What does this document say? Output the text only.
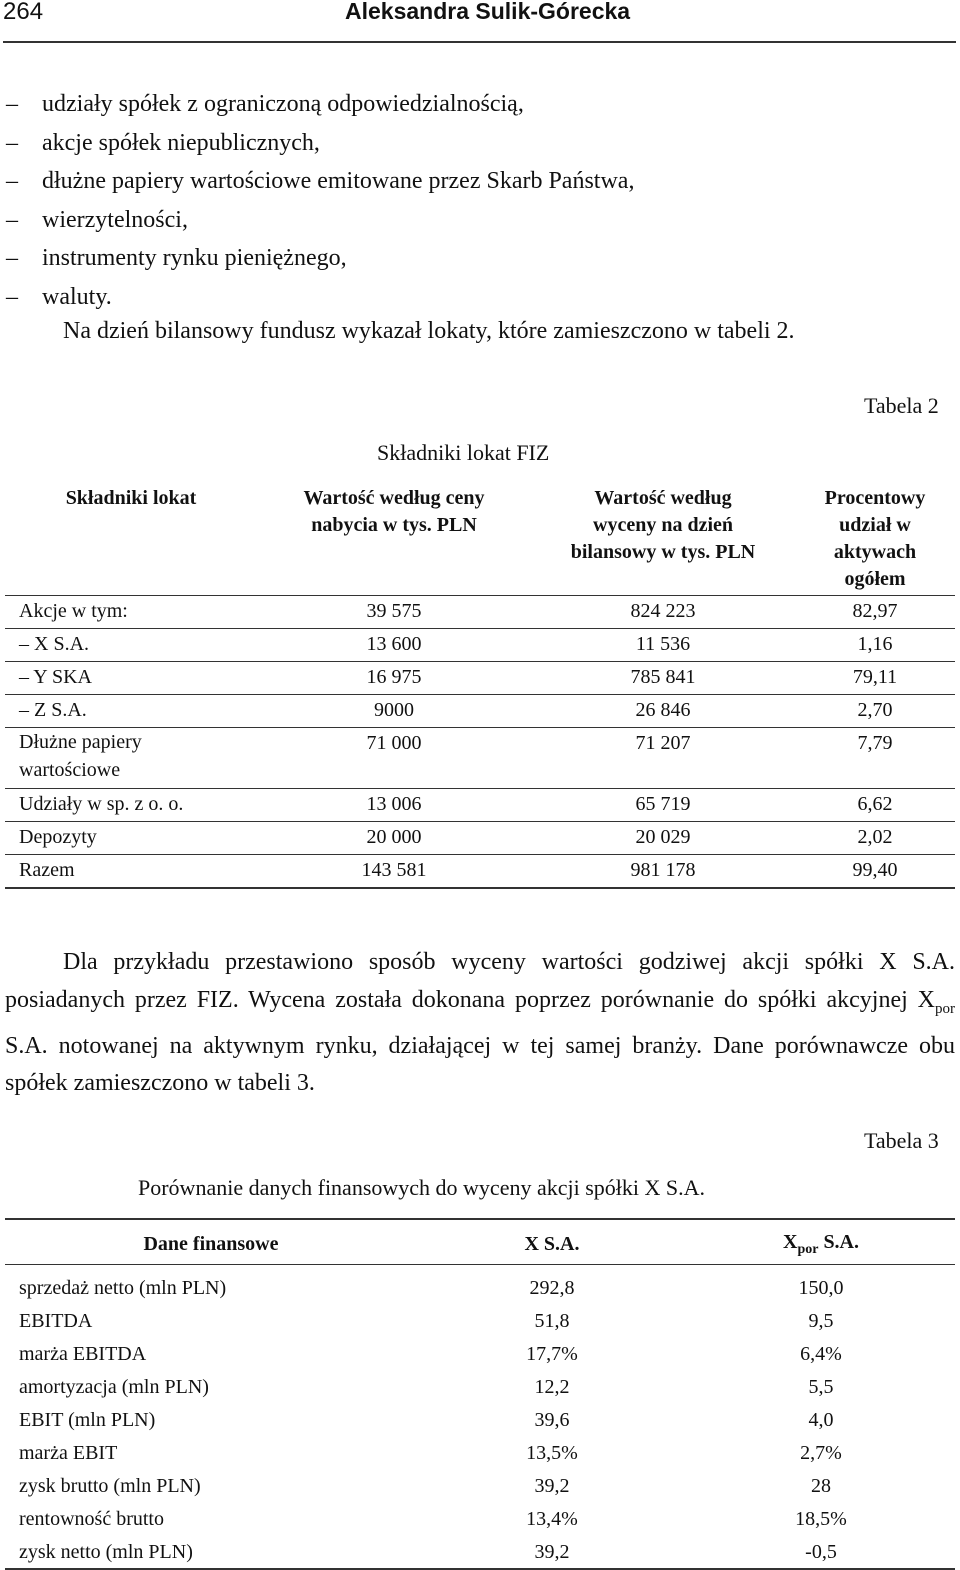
264	Aleksandra Sulik-Górecka
– udziały spółek z ograniczoną odpowiedzialnością,
– akcje spółek niepublicznych,
– dłużne papiery wartościowe emitowane przez Skarb Państwa,
– wierzytelności,
– instrumenty rynku pieniężnego,
– waluty.
Na dzień bilansowy fundusz wykazał lokaty, które zamieszczono w tabeli 2.
Tabela 2
Składniki lokat FIZ
Składniki lokat	Wartość według ceny nabycia w tys. PLN	Wartość według wyceny na dzień bilansowy w tys. PLN	Procentowy udział w aktywach ogółem
Akcje w tym:	39 575	824 223	82,97
– X S.A.	13 600	11 536	1,16
– Y SKA	16 975	785 841	79,11
– Z S.A.	9000	26 846	2,70
Dłużne papiery wartościowe	71 000	71 207	7,79
Udziały w sp. z o. o.	13 006	65 719	6,62
Depozyty	20 000	20 029	2,02
Razem	143 581	981 178	99,40
Dla przykładu przestawiono sposób wyceny wartości godziwej akcji spółki X S.A. posiadanych przez FIZ. Wycena została dokonana poprzez porównanie do spółki akcyjnej $X_{por}$ S.A. notowanej na aktywnym rynku, działającej w tej samej branży. Dane porównawcze obu spółek zamieszczono w tabeli 3.
Tabela 3
Porównanie danych finansowych do wyceny akcji spółki X S.A.
Dane finansowe	X S.A.	$X_{por}$ S.A.
sprzedaż netto (mln PLN)	292,8	150,0
EBITDA	51,8	9,5
marża EBITDA	17,7%	6,4%
amortyzacja (mln PLN)	12,2	5,5
EBIT (mln PLN)	39,6	4,0
marża EBIT	13,5%	2,7%
zysk brutto (mln PLN)	39,2	28
rentowność brutto	13,4%	18,5%
zysk netto (mln PLN)	39,2	-0,5
